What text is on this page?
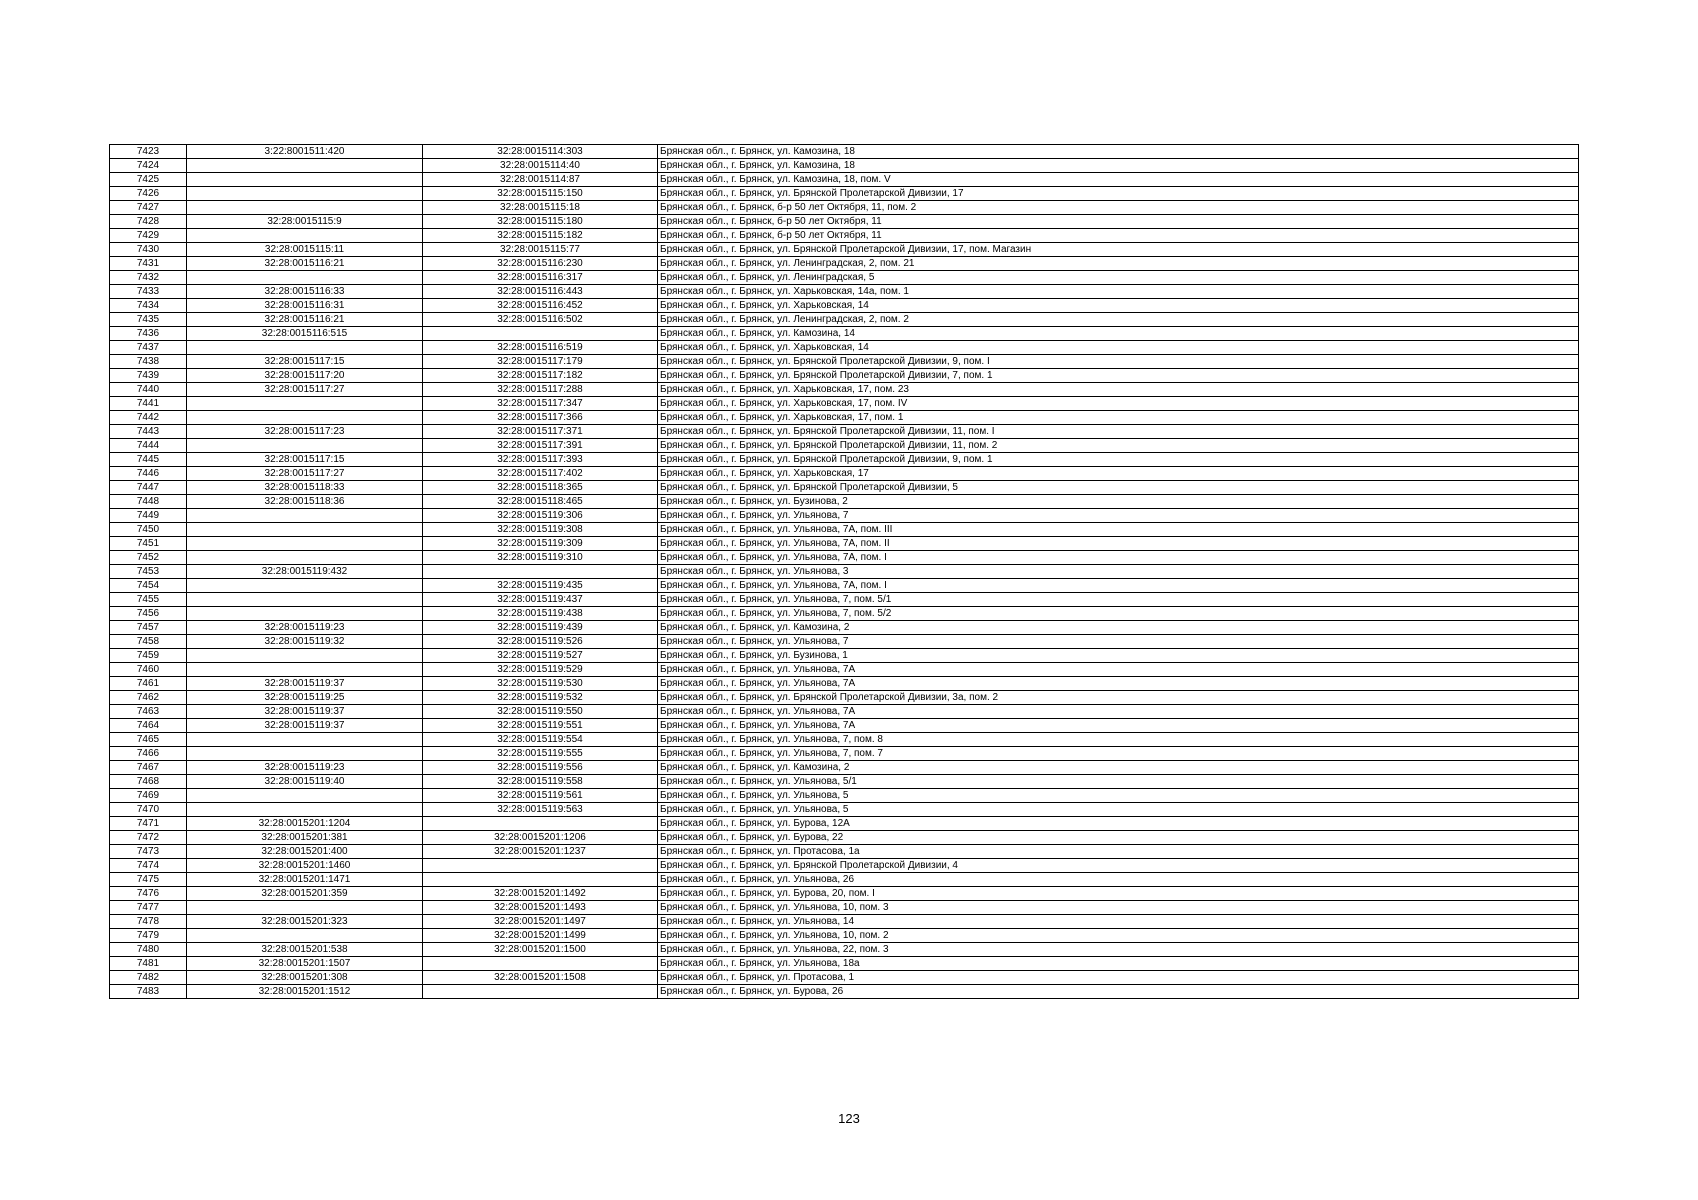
7423	3:22:8001511:420	32:28:0015114:303	Брянская обл., г. Брянск, ул. Камозина, 18
7424		32:28:0015114:40	Брянская обл., г. Брянск, ул. Камозина, 18
7425		32:28:0015114:87	Брянская обл., г. Брянск, ул. Камозина, 18, пом. V
7426		32:28:0015115:150	Брянская обл., г. Брянск, ул. Брянской Пролетарской Дивизии, 17
7427		32:28:0015115:18	Брянская обл., г. Брянск, б-р 50 лет Октября, 11, пом. 2
7428	32:28:0015115:9	32:28:0015115:180	Брянская обл., г. Брянск, б-р 50 лет Октября, 11
7429		32:28:0015115:182	Брянская обл., г. Брянск, б-р 50 лет Октября, 11
7430	32:28:0015115:11	32:28:0015115:77	Брянская обл., г. Брянск, ул. Брянской Пролетарской Дивизии, 17, пом. Магазин
7431	32:28:0015116:21	32:28:0015116:230	Брянская обл., г. Брянск, ул. Ленинградская, 2, пом. 21
7432		32:28:0015116:317	Брянская обл., г. Брянск, ул. Ленинградская, 5
7433	32:28:0015116:33	32:28:0015116:443	Брянская обл., г. Брянск, ул. Харьковская, 14а, пом. 1
7434	32:28:0015116:31	32:28:0015116:452	Брянская обл., г. Брянск, ул. Харьковская, 14
7435	32:28:0015116:21	32:28:0015116:502	Брянская обл., г. Брянск, ул. Ленинградская, 2, пом. 2
7436	32:28:0015116:515		Брянская обл., г. Брянск, ул. Камозина, 14
7437		32:28:0015116:519	Брянская обл., г. Брянск, ул. Харьковская, 14
7438	32:28:0015117:15	32:28:0015117:179	Брянская обл., г. Брянск, ул. Брянской Пролетарской Дивизии, 9, пом. I
7439	32:28:0015117:20	32:28:0015117:182	Брянская обл., г. Брянск, ул. Брянской Пролетарской Дивизии, 7, пом. 1
7440	32:28:0015117:27	32:28:0015117:288	Брянская обл., г. Брянск, ул. Харьковская, 17, пом. 23
7441		32:28:0015117:347	Брянская обл., г. Брянск, ул. Харьковская, 17, пом. IV
7442		32:28:0015117:366	Брянская обл., г. Брянск, ул. Харьковская, 17, пом. 1
7443	32:28:0015117:23	32:28:0015117:371	Брянская обл., г. Брянск, ул. Брянской Пролетарской Дивизии, 11, пом. I
7444		32:28:0015117:391	Брянская обл., г. Брянск, ул. Брянской Пролетарской Дивизии, 11, пом. 2
7445	32:28:0015117:15	32:28:0015117:393	Брянская обл., г. Брянск, ул. Брянской Пролетарской Дивизии, 9, пом. 1
7446	32:28:0015117:27	32:28:0015117:402	Брянская обл., г. Брянск, ул. Харьковская, 17
7447	32:28:0015118:33	32:28:0015118:365	Брянская обл., г. Брянск, ул. Брянской Пролетарской Дивизии, 5
7448	32:28:0015118:36	32:28:0015118:465	Брянская обл., г. Брянск, ул. Бузинова, 2
7449		32:28:0015119:306	Брянская обл., г. Брянск, ул. Ульянова, 7
7450		32:28:0015119:308	Брянская обл., г. Брянск, ул. Ульянова, 7А, пом. III
7451		32:28:0015119:309	Брянская обл., г. Брянск, ул. Ульянова, 7А, пом. II
7452		32:28:0015119:310	Брянская обл., г. Брянск, ул. Ульянова, 7А, пом. I
7453	32:28:0015119:432		Брянская обл., г. Брянск, ул. Ульянова, 3
7454		32:28:0015119:435	Брянская обл., г. Брянск, ул. Ульянова, 7А, пом. I
7455		32:28:0015119:437	Брянская обл., г. Брянск, ул. Ульянова, 7, пом. 5/1
7456		32:28:0015119:438	Брянская обл., г. Брянск, ул. Ульянова, 7, пом. 5/2
7457	32:28:0015119:23	32:28:0015119:439	Брянская обл., г. Брянск, ул. Камозина, 2
7458	32:28:0015119:32	32:28:0015119:526	Брянская обл., г. Брянск, ул. Ульянова, 7
7459		32:28:0015119:527	Брянская обл., г. Брянск, ул. Бузинова, 1
7460		32:28:0015119:529	Брянская обл., г. Брянск, ул. Ульянова, 7А
7461	32:28:0015119:37	32:28:0015119:530	Брянская обл., г. Брянск, ул. Ульянова, 7А
7462	32:28:0015119:25	32:28:0015119:532	Брянская обл., г. Брянск, ул. Брянской Пролетарской Дивизии, 3а, пом. 2
7463	32:28:0015119:37	32:28:0015119:550	Брянская обл., г. Брянск, ул. Ульянова, 7А
7464	32:28:0015119:37	32:28:0015119:551	Брянская обл., г. Брянск, ул. Ульянова, 7А
7465		32:28:0015119:554	Брянская обл., г. Брянск, ул. Ульянова, 7, пом. 8
7466		32:28:0015119:555	Брянская обл., г. Брянск, ул. Ульянова, 7, пом. 7
7467	32:28:0015119:23	32:28:0015119:556	Брянская обл., г. Брянск, ул. Камозина, 2
7468	32:28:0015119:40	32:28:0015119:558	Брянская обл., г. Брянск, ул. Ульянова, 5/1
7469		32:28:0015119:561	Брянская обл., г. Брянск, ул. Ульянова, 5
7470		32:28:0015119:563	Брянская обл., г. Брянск, ул. Ульянова, 5
7471	32:28:0015201:1204		Брянская обл., г. Брянск, ул. Бурова, 12А
7472	32:28:0015201:381	32:28:0015201:1206	Брянская обл., г. Брянск, ул. Бурова, 22
7473	32:28:0015201:400	32:28:0015201:1237	Брянская обл., г. Брянск, ул. Протасова, 1а
7474	32:28:0015201:1460		Брянская обл., г. Брянск, ул. Брянской Пролетарской Дивизии, 4
7475	32:28:0015201:1471		Брянская обл., г. Брянск, ул. Ульянова, 26
7476	32:28:0015201:359	32:28:0015201:1492	Брянская обл., г. Брянск, ул. Бурова, 20, пом. I
7477		32:28:0015201:1493	Брянская обл., г. Брянск, ул. Ульянова, 10, пом. 3
7478	32:28:0015201:323	32:28:0015201:1497	Брянская обл., г. Брянск, ул. Ульянова, 14
7479		32:28:0015201:1499	Брянская обл., г. Брянск, ул. Ульянова, 10, пом. 2
7480	32:28:0015201:538	32:28:0015201:1500	Брянская обл., г. Брянск, ул. Ульянова, 22, пом. 3
7481	32:28:0015201:1507		Брянская обл., г. Брянск, ул. Ульянова, 18а
7482	32:28:0015201:308	32:28:0015201:1508	Брянская обл., г. Брянск, ул. Протасова, 1
7483	32:28:0015201:1512		Брянская обл., г. Брянск, ул. Бурова, 26
123
